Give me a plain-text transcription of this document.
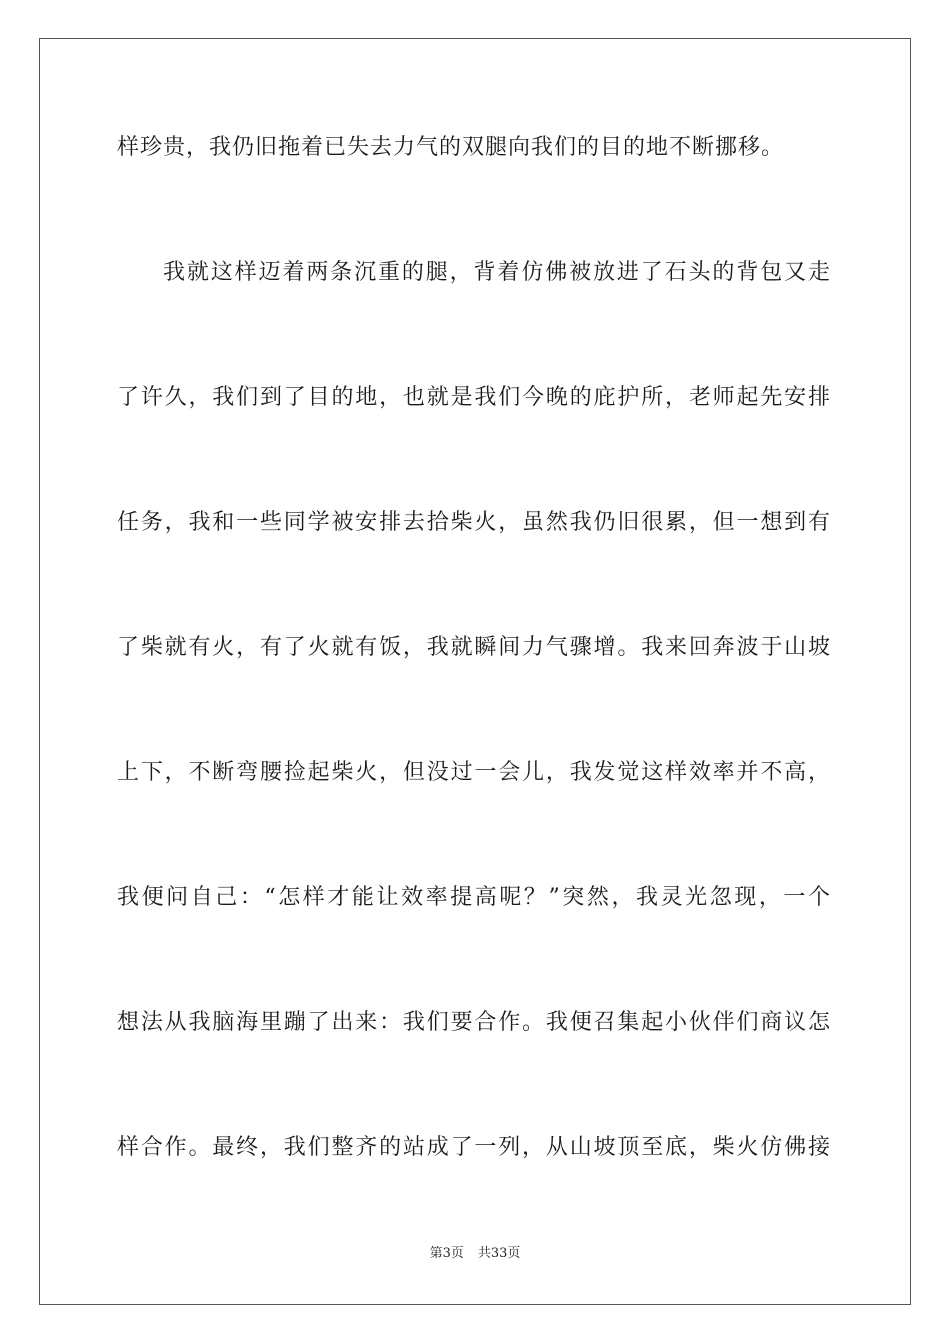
样珍贵，我仍旧拖着已失去力气的双腿向我们的目的地不断挪移。
我就这样迈着两条沉重的腿，背着仿佛被放进了石头的背包又走
了许久，我们到了目的地，也就是我们今晚的庇护所，老师起先安排
任务，我和一些同学被安排去拾柴火，虽然我仍旧很累，但一想到有
了柴就有火，有了火就有饭，我就瞬间力气骤增。我来回奔波于山坡
上下，不断弯腰捡起柴火，但没过一会儿，我发觉这样效率并不高，
我便问自己：“怎样才能让效率提高呢？”突然，我灵光忽现，一个
想法从我脑海里蹦了出来：我们要合作。我便召集起小伙伴们商议怎
样合作。最终，我们整齐的站成了一列，从山坡顶至底，柴火仿佛接
第3页 共33页
